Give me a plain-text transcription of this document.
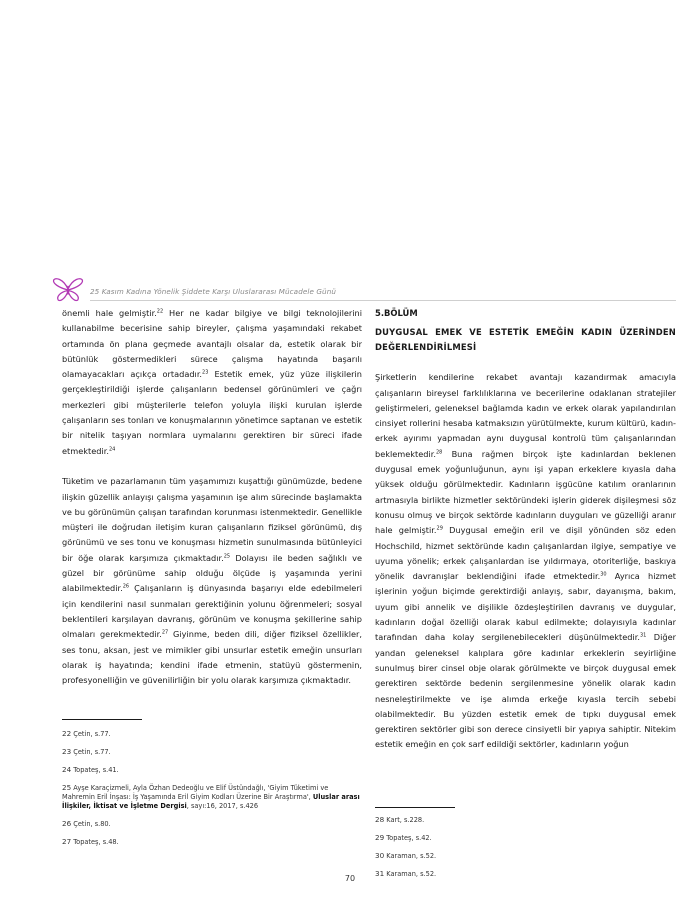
25 Kasım Kadına Yönelik Şiddete Karşı Uluslararası Mücadele Günü

önemli hale gelmiştir.$^{22}$ Her ne kadar bilgiye ve bilgi teknolojilerini kullanabilme becerisine sahip bireyler, çalışma yaşamındaki rekabet ortamında ön plana geçmede avantajlı olsalar da, estetik olarak bir bütünlük göstermedikleri sürece çalışma hayatında başarılı olamayacakları açıkça ortadadır.$^{23}$ Estetik emek, yüz yüze ilişkilerin gerçekleştirildiği işlerde çalışanların bedensel görünümleri ve çağrı merkezleri gibi müşterilerle telefon yoluyla ilişki kurulan işlerde çalışanların ses tonları ve konuşmalarının yönetimce saptanan ve estetik bir nitelik taşıyan normlara uymalarını gerektiren bir süreci ifade etmektedir.$^{24}$

Tüketim ve pazarlamanın tüm yaşamımızı kuşattığı günümüzde, bedene ilişkin güzellik anlayışı çalışma yaşamının işe alım sürecinde başlamakta ve bu görünümün çalışan tarafından korunması istenmektedir. Genellikle müşteri ile doğrudan iletişim kuran çalışanların fiziksel görünümü, dış görünümü ve ses tonu ve konuşması hizmetin sunulmasında bütünleyici bir öğe olarak karşımıza çıkmaktadır.$^{25}$ Dolayısı ile beden sağlıklı ve güzel bir görünüme sahip olduğu ölçüde iş yaşamında yerini alabilmektedir.$^{26}$ Çalışanların iş dünyasında başarıyı elde edebilmeleri için kendilerini nasıl sunmaları gerektiğinin yolunu öğrenmeleri; sosyal beklentileri karşılayan davranış, görünüm ve konuşma şekillerine sahip olmaları gerekmektedir.$^{27}$ Giyinme, beden dili, diğer fiziksel özellikler, ses tonu, aksan, jest ve mimikler gibi unsurlar estetik emeğin unsurları olarak iş hayatında; kendini ifade etmenin, statüyü göstermenin, profesyonelliğin ve güvenilirliğin bir yolu olarak karşımıza çıkmaktadır.

5.BÖLÜM

DUYGUSAL EMEK VE ESTETİK EMEĞİN KADIN ÜZERİNDEN DEĞERLENDİRİLMESİ

Şirketlerin kendilerine rekabet avantajı kazandırmak amacıyla çalışanların bireysel farklılıklarına ve becerilerine odaklanan stratejiler geliştirmeleri, geleneksel bağlamda kadın ve erkek olarak yapılandırılan cinsiyet rollerini hesaba katmaksızın yürütülmekte, kurum kültürü, kadın-erkek ayırımı yapmadan aynı duygusal kontrolü tüm çalışanlarından beklemektedir.$^{28}$ Buna rağmen birçok işte kadınlardan beklenen duygusal emek yoğunluğunun, aynı işi yapan erkeklere kıyasla daha yüksek olduğu görülmektedir. Kadınların işgücüne katılım oranlarının artmasıyla birlikte hizmetler sektöründeki işlerin giderek dişileşmesi söz konusu olmuş ve birçok sektörde kadınların duyguları ve güzelliği aranır hale gelmiştir.$^{29}$ Duygusal emeğin eril ve dişil yönünden söz eden Hochschild, hizmet sektöründe kadın çalışanlardan ilgiye, sempatiye ve uyuma yönelik; erkek çalışanlardan ise yıldırmaya, otoriterliğe, baskıya yönelik davranışlar beklendiğini ifade etmektedir.$^{30}$ Ayrıca hizmet işlerinin yoğun biçimde gerektirdiği anlayış, sabır, dayanışma, bakım, uyum gibi annelik ve dişilikle özdeşleştirilen davranış ve duygular, kadınların doğal özelliği olarak kabul edilmekte; dolayısıyla kadınlar tarafından daha kolay sergilenebilecekleri düşünülmektedir.$^{31}$ Diğer yandan geleneksel kalıplara göre kadınlar erkeklerin seyirliğine sunulmuş birer cinsel obje olarak görülmekte ve birçok duygusal emek gerektiren sektörde bedenin sergilenmesine yönelik olarak kadın nesneleştirilmekte ve işe alımda erkeğe kıyasla tercih sebebi olabilmektedir. Bu yüzden estetik emek de tıpkı duygusal emek gerektiren sektörler gibi son derece cinsiyetli bir yapıya sahiptir. Nitekim estetik emeğin en çok sarf edildiği sektörler, kadınların yoğun

22 Çetin, s.77.
23 Çetin, s.77.
24 Topateş, s.41.
25 Ayşe Karaçizmeli, Ayla Özhan Dedeoğlu ve Elif Üstündağlı, 'Giyim Tüketimi ve Mahremin Eril İnşası: İş Yaşamında Eril Giyim Kodları Üzerine Bir Araştırma', Uluslar arası İlişkiler, İktisat ve İşletme Dergisi, sayı:16, 2017, s.426
26 Çetin, s.80.
27 Topateş, s.48.
28 Kart, s.228.
29 Topateş, s.42.
30 Karaman, s.52.
31 Karaman, s.52.
70
